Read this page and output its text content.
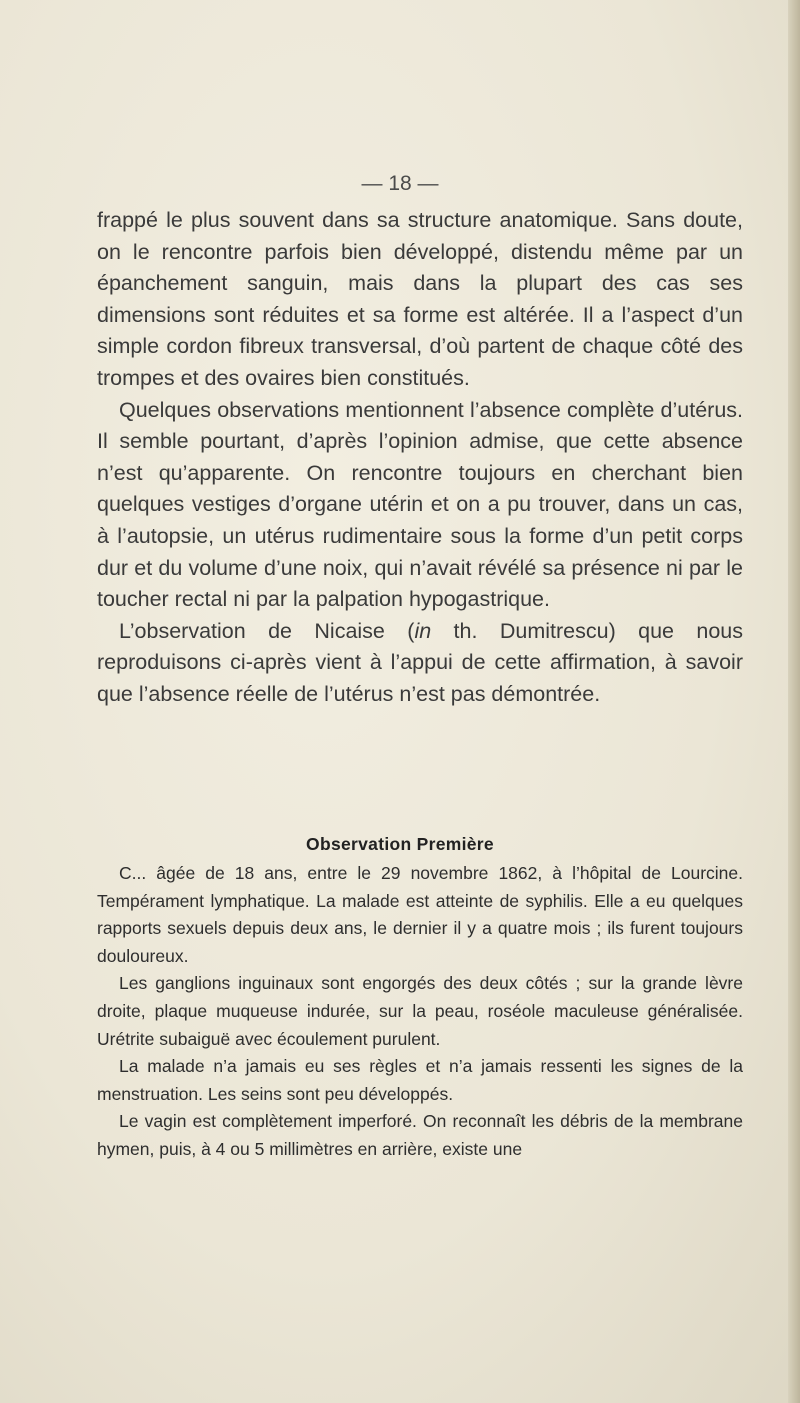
— 18 —

frappé le plus souvent dans sa structure anatomique. Sans doute, on le rencontre parfois bien développé, distendu même par un épanchement sanguin, mais dans la plupart des cas ses dimensions sont réduites et sa forme est altérée. Il a l’aspect d’un simple cordon fibreux transversal, d’où partent de chaque côté des trompes et des ovaires bien constitués.

Quelques observations mentionnent l’absence complète d’utérus. Il semble pourtant, d’après l’opinion admise, que cette absence n’est qu’apparente. On rencontre toujours en cherchant bien quelques vestiges d’organe utérin et on a pu trouver, dans un cas, à l’autopsie, un utérus rudimentaire sous la forme d’un petit corps dur et du volume d’une noix, qui n’avait révélé sa présence ni par le toucher rectal ni par la palpation hypogastrique.

L’observation de Nicaise (in th. Dumitrescu) que nous reproduisons ci-après vient à l’appui de cette affirmation, à savoir que l’absence réelle de l’utérus n’est pas démontrée.

Observation Première

C... âgée de 18 ans, entre le 29 novembre 1862, à l’hôpital de Lourcine. Tempérament lymphatique. La malade est atteinte de syphilis. Elle a eu quelques rapports sexuels depuis deux ans, le dernier il y a quatre mois ; ils furent toujours douloureux.

Les ganglions inguinaux sont engorgés des deux côtés ; sur la grande lèvre droite, plaque muqueuse indurée, sur la peau, roséole maculeuse généralisée. Urétrite subaiguë avec écoulement purulent.

La malade n’a jamais eu ses règles et n’a jamais ressenti les signes de la menstruation. Les seins sont peu développés.

Le vagin est complètement imperforé. On reconnaît les débris de la membrane hymen, puis, à 4 ou 5 millimètres en arrière, existe une
